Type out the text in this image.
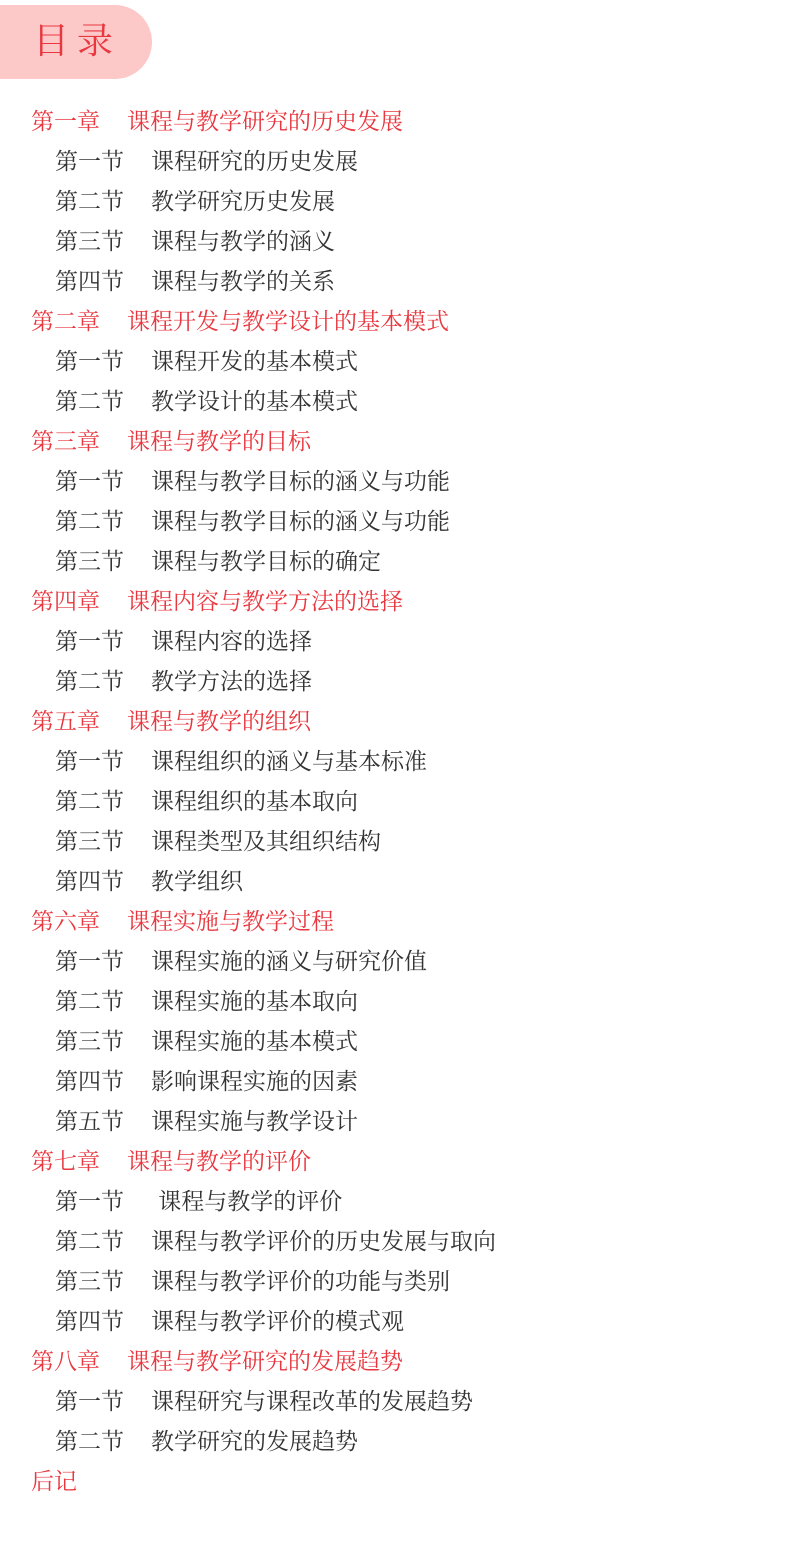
目录
第一章 课程与教学研究的历史发展
第一节 课程研究的历史发展
第二节 教学研究历史发展
第三节 课程与教学的涵义
第四节 课程与教学的关系
第二章 课程开发与教学设计的基本模式
第一节 课程开发的基本模式
第二节 教学设计的基本模式
第三章 课程与教学的目标
第一节 课程与教学目标的涵义与功能
第二节 课程与教学目标的涵义与功能
第三节 课程与教学目标的确定
第四章 课程内容与教学方法的选择
第一节 课程内容的选择
第二节 教学方法的选择
第五章 课程与教学的组织
第一节 课程组织的涵义与基本标准
第二节 课程组织的基本取向
第三节 课程类型及其组织结构
第四节 教学组织
第六章 课程实施与教学过程
第一节 课程实施的涵义与研究价值
第二节 课程实施的基本取向
第三节 课程实施的基本模式
第四节 影响课程实施的因素
第五节 课程实施与教学设计
第七章 课程与教学的评价
第一节 课程与教学的评价
第二节 课程与教学评价的历史发展与取向
第三节 课程与教学评价的功能与类别
第四节 课程与教学评价的模式观
第八章 课程与教学研究的发展趋势
第一节 课程研究与课程改革的发展趋势
第二节 教学研究的发展趋势
后记
